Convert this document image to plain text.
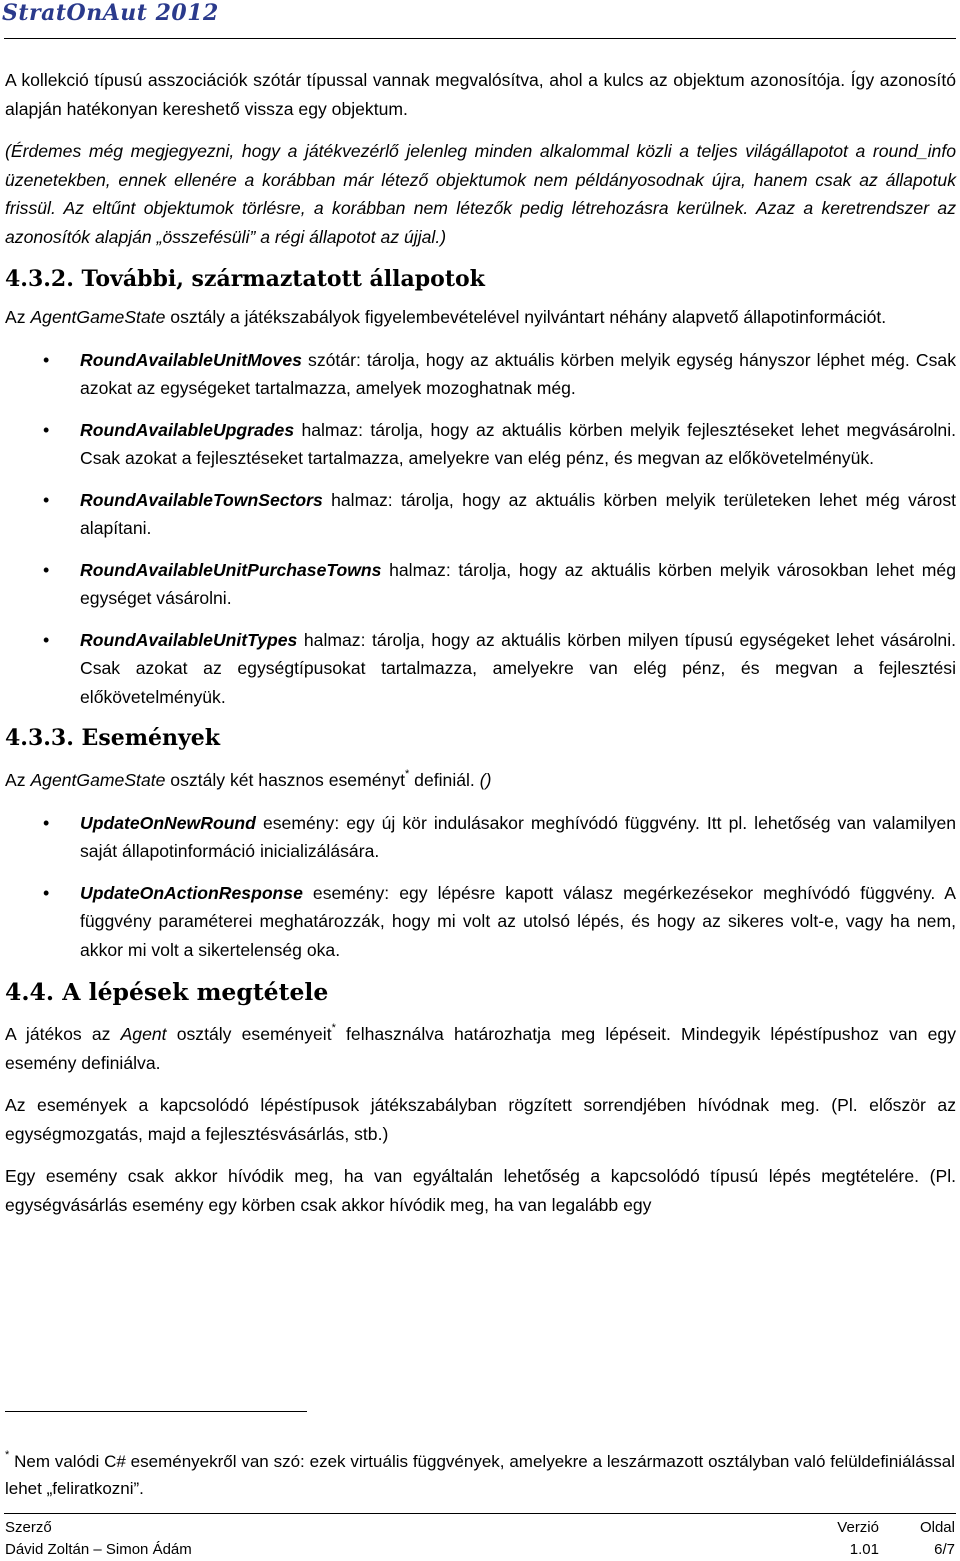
StratOnAut 2012

A kollekció típusú asszociációk szótár típussal vannak megvalósítva, ahol a kulcs az objektum azonosítója. Így azonosító alapján hatékonyan kereshető vissza egy objektum.

(Érdemes még megjegyezni, hogy a játékvezérlő jelenleg minden alkalommal közli a teljes világállapotot a round_info üzenetekben, ennek ellenére a korábban már létező objektumok nem példányosodnak újra, hanem csak az állapotuk frissül. Az eltűnt objektumok törlésre, a korábban nem létezők pedig létrehozásra kerülnek. Azaz a keretrendszer az azonosítók alapján „összefésüli” a régi állapotot az újjal.)

4.3.2. További, származtatott állapotok

Az AgentGameState osztály a játékszabályok figyelembevételével nyilvántart néhány alapvető állapotinformációt.

• RoundAvailableUnitMoves szótár: tárolja, hogy az aktuális körben melyik egység hányszor léphet még. Csak azokat az egységeket tartalmazza, amelyek mozoghatnak még.
• RoundAvailableUpgrades halmaz: tárolja, hogy az aktuális körben melyik fejlesztéseket lehet megvásárolni. Csak azokat a fejlesztéseket tartalmazza, amelyekre van elég pénz, és megvan az előkövetelményük.
• RoundAvailableTownSectors halmaz: tárolja, hogy az aktuális körben melyik területeken lehet még várost alapítani.
• RoundAvailableUnitPurchaseTowns halmaz: tárolja, hogy az aktuális körben melyik városokban lehet még egységet vásárolni.
• RoundAvailableUnitTypes halmaz: tárolja, hogy az aktuális körben milyen típusú egységeket lehet vásárolni. Csak azokat az egységtípusokat tartalmazza, amelyekre van elég pénz, és megvan a fejlesztési előkövetelményük.
4.3.3. Események

Az AgentGameState osztály két hasznos eseményt* definiál. ()

• UpdateOnNewRound esemény: egy új kör indulásakor meghívódó függvény. Itt pl. lehetőség van valamilyen saját állapotinformáció inicializálására.
• UpdateOnActionResponse esemény: egy lépésre kapott válasz megérkezésekor meghívódó függvény. A függvény paraméterei meghatározzák, hogy mi volt az utolsó lépés, és hogy az sikeres volt-e, vagy ha nem, akkor mi volt a sikertelenség oka.
4.4. A lépések megtétele

A játékos az Agent osztály eseményeit* felhasználva határozhatja meg lépéseit. Mindegyik lépéstípushoz van egy esemény definiálva.

Az események a kapcsolódó lépéstípusok játékszabályban rögzített sorrendjében hívódnak meg. (Pl. először az egységmozgatás, majd a fejlesztésvásárlás, stb.)

Egy esemény csak akkor hívódik meg, ha van egyáltalán lehetőség a kapcsolódó típusú lépés megtételére. (Pl. egységvásárlás esemény egy körben csak akkor hívódik meg, ha van legalább egy

* Nem valódi C# eseményekről van szó: ezek virtuális függvények, amelyekre a leszármazott osztályban való felüldefiniálással lehet „feliratkozni”.
Szerző	Verzió	Oldal
Dávid Zoltán – Simon Ádám	1.01	6/7
